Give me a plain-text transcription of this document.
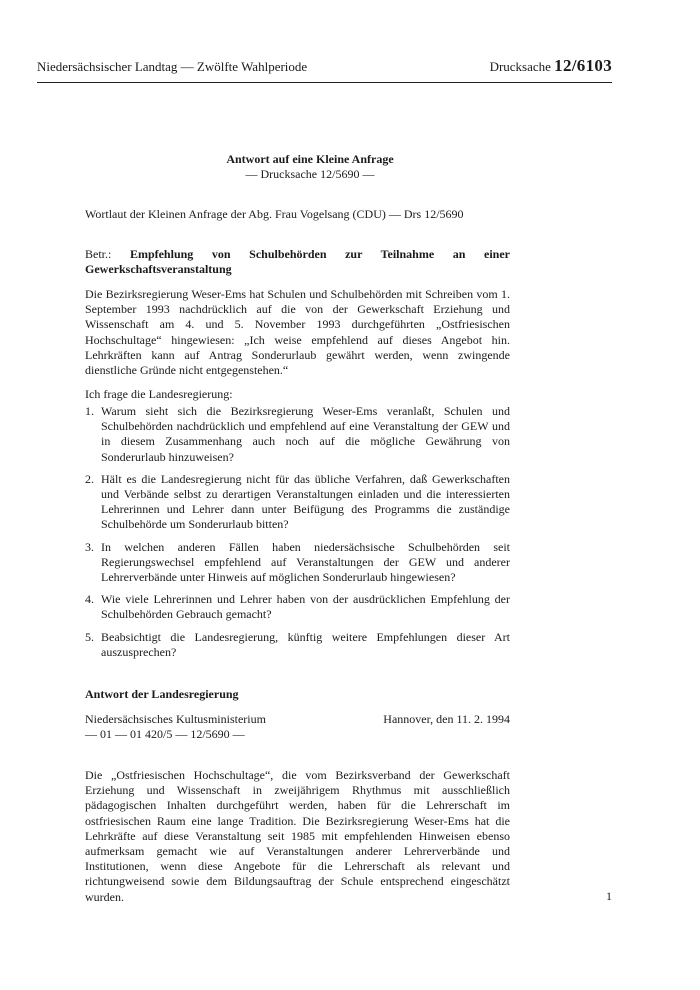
Niedersächsischer Landtag — Zwölfte Wahlperiode	Drucksache 12/6103
Antwort auf eine Kleine Anfrage
— Drucksache 12/5690 —
Wortlaut der Kleinen Anfrage der Abg. Frau Vogelsang (CDU) — Drs 12/5690
Betr.: Empfehlung von Schulbehörden zur Teilnahme an einer Gewerkschaftsveranstaltung
Die Bezirksregierung Weser-Ems hat Schulen und Schulbehörden mit Schreiben vom 1. September 1993 nachdrücklich auf die von der Gewerkschaft Erziehung und Wissenschaft am 4. und 5. November 1993 durchgeführten „Ostfriesischen Hochschultage“ hingewiesen: „Ich weise empfehlend auf dieses Angebot hin. Lehrkräften kann auf Antrag Sonderurlaub gewährt werden, wenn zwingende dienstliche Gründe nicht entgegenstehen.“
Ich frage die Landesregierung:
1. Warum sieht sich die Bezirksregierung Weser-Ems veranlaßt, Schulen und Schulbehörden nachdrücklich und empfehlend auf eine Veranstaltung der GEW und in diesem Zusammenhang auch noch auf die mögliche Gewährung von Sonderurlaub hinzuweisen?
2. Hält es die Landesregierung nicht für das übliche Verfahren, daß Gewerkschaften und Verbände selbst zu derartigen Veranstaltungen einladen und die interessierten Lehrerinnen und Lehrer dann unter Beifügung des Programms die zuständige Schulbehörde um Sonderurlaub bitten?
3. In welchen anderen Fällen haben niedersächsische Schulbehörden seit Regierungswechsel empfehlend auf Veranstaltungen der GEW und anderer Lehrerverbände unter Hinweis auf möglichen Sonderurlaub hingewiesen?
4. Wie viele Lehrerinnen und Lehrer haben von der ausdrücklichen Empfehlung der Schulbehörden Gebrauch gemacht?
5. Beabsichtigt die Landesregierung, künftig weitere Empfehlungen dieser Art auszusprechen?
Antwort der Landesregierung
Niedersächsisches Kultusministerium
— 01 — 01 420/5 — 12/5690 —
Hannover, den 11. 2. 1994
Die „Ostfriesischen Hochschultage“, die vom Bezirksverband der Gewerkschaft Erziehung und Wissenschaft in zweijährigem Rhythmus mit ausschließlich pädagogischen Inhalten durchgeführt werden, haben für die Lehrerschaft im ostfriesischen Raum eine lange Tradition. Die Bezirksregierung Weser-Ems hat die Lehrkräfte auf diese Veranstaltung seit 1985 mit empfehlenden Hinweisen ebenso aufmerksam gemacht wie auf Veranstaltungen anderer Lehrerverbände und Institutionen, wenn diese Angebote für die Lehrerschaft als relevant und richtungweisend sowie dem Bildungsauftrag der Schule entsprechend eingeschätzt wurden.	1
